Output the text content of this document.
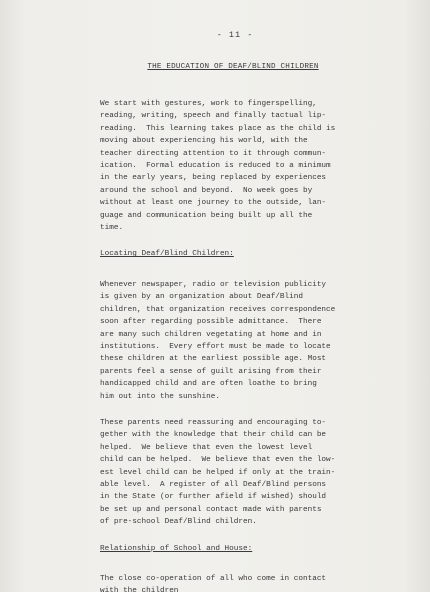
- 11 -
THE EDUCATION OF DEAF/BLIND CHILDREN
We start with gestures, work to fingerspelling,
reading, writing, speech and finally tactual lip-
reading.  This learning takes place as the child is
moving about experiencing his world, with the
teacher directing attention to it through commun-
ication.  Formal education is reduced to a minimum
in the early years, being replaced by experiences
around the school and beyond.  No week goes by
without at least one journey to the outside, lan-
guage and communication being built up all the
time.
Locating Deaf/Blind Children:
Whenever newspaper, radio or television publicity
is given by an organization about Deaf/Blind
children, that organization receives correspondence
soon after regarding possible admittance.  There
are many such children vegetating at home and in
institutions.  Every effort must be made to locate
these children at the earliest possible age. Most
parents feel a sense of guilt arising from their
handicapped child and are often loathe to bring
him out into the sunshine.
These parents need reassuring and encouraging to-
gether with the knowledge that their child can be
helped.  We believe that even the lowest level
child can be helped.  We believe that even the low-
est level child can be helped if only at the train-
able level.  A register of all Deaf/Blind persons
in the State (or further afield if wished) should
be set up and personal contact made with parents
of pre-school Deaf/Blind children.
Relationship of School and House:
The close co-operation of all who come in contact
with the children
